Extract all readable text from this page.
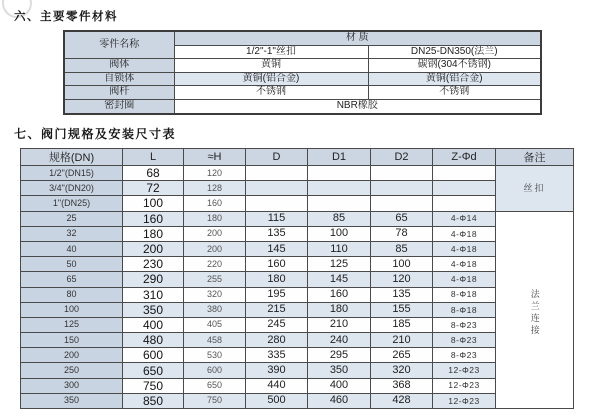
六、主要零件材料
零件名称	材 质	
	1/2"-1"丝扣	DN25-DN350(法兰)
阀体	黄铜	碳钢(304不锈钢)
自锁体	黄铜(铝合金)	黄铜(铝合金)
阀杆	不锈钢	不锈钢
密封圈	NBR橡胶	
七、阀门规格及安装尺寸表
规格(DN)	L	≈H	D	D1	D2	Z-Φd	备注
1/2"(DN15)	68	120					丝扣
3/4"(DN20)	72	128					
1"(DN25)	100	160					
25	160	180	115	85	65	4-Φ14	法兰连接
32	180	200	135	100	78	4-Φ18	
40	200	200	145	110	85	4-Φ18	
50	230	220	160	125	100	4-Φ18	
65	290	255	180	145	120	4-Φ18	
80	310	320	195	160	135	8-Φ18	
100	350	380	215	180	155	8-Φ18	
125	400	405	245	210	185	8-Φ23	
150	480	458	280	240	210	8-Φ23	
200	600	530	335	295	265	8-Φ23	
250	650	600	390	350	320	12-Φ23	
300	750	650	440	400	368	12-Φ23	
350	850	750	500	460	428	12-Φ23	
